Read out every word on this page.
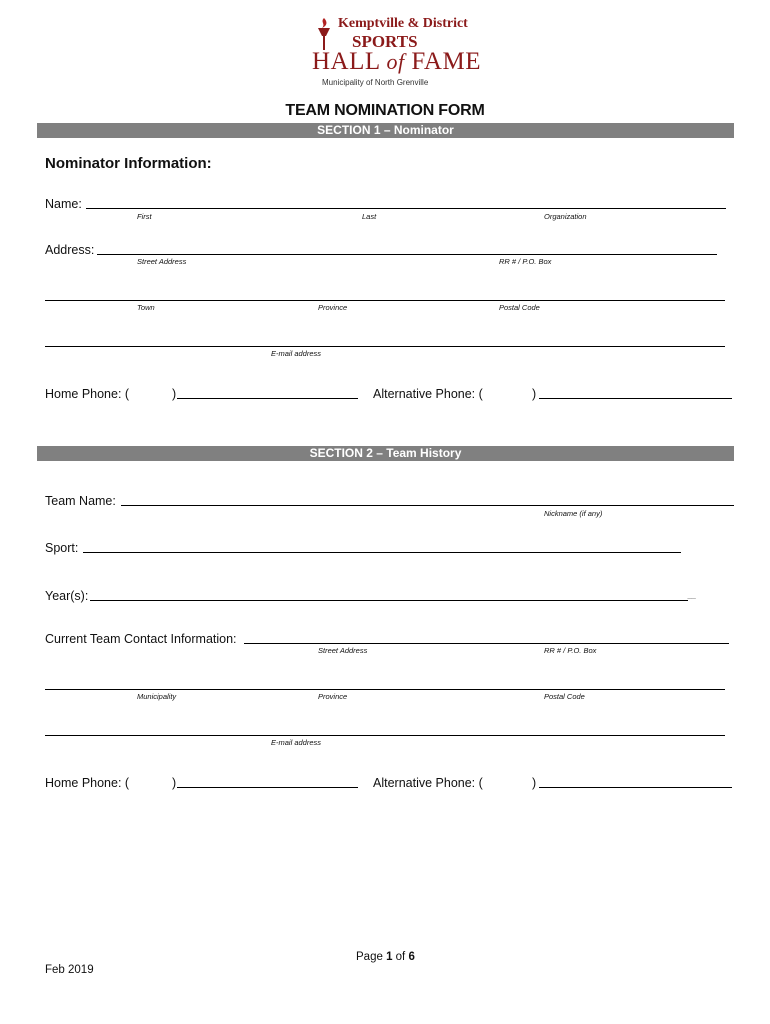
Kemptville & District
SPORTS
HALL of FAME
Municipality of North Grenville
TEAM NOMINATION FORM
SECTION 1 – Nominator
Nominator Information:
Name:
First	Last	Organization
Address:
Street Address	RR # / P.O. Box
Town	Province	Postal Code
E-mail address
Home Phone: (	)	Alternative Phone: (	)
SECTION 2 – Team History
Team Name:
Nickname (if any)
Sport:
Year(s):	__
Current Team Contact Information:
Street Address	RR # / P.O. Box
Municipality	Province	Postal Code
E-mail address
Home Phone: (	)	Alternative Phone: (	)
Page 1 of 6
Feb 2019
